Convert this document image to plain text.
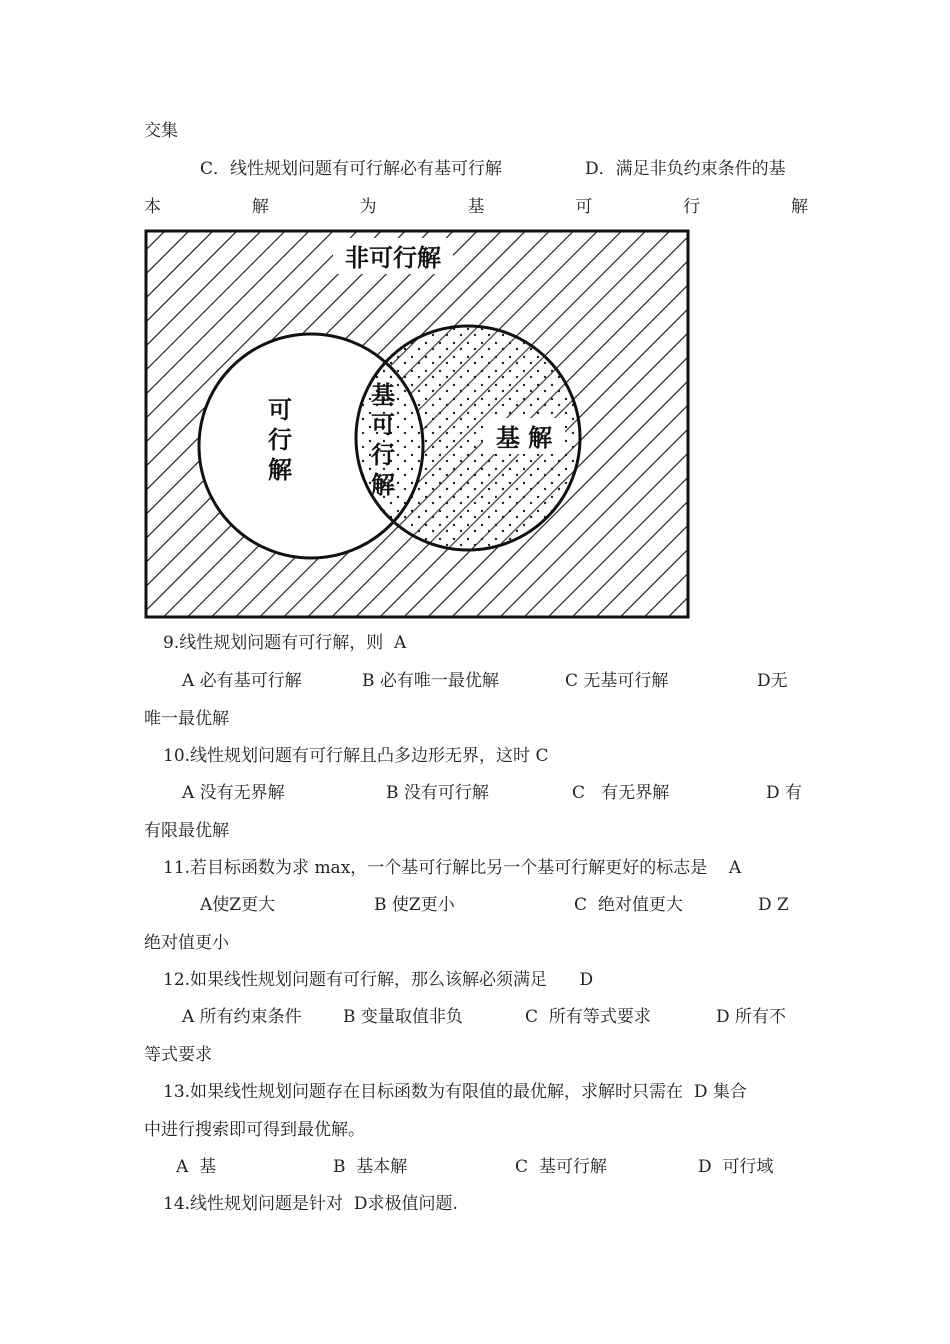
交集
C．线性规划问题有可行解必有基可行解	D．满足非负约束条件的基
本	解	为	基	可	行	解
非可行解
可
行
解
基
可
行
解
基 解
9.线性规划问题有可行解，则  A
A 必有基可行解	B 必有唯一最优解	C 无基可行解	D无
唯一最优解
10.线性规划问题有可行解且凸多边形无界，这时 C
A 没有无界解	B 没有可行解	C   有无界解	D 有
有限最优解
11.若目标函数为求 max，一个基可行解比另一个基可行解更好的标志是    A
A使Z更大	B 使Z更小	C  绝对值更大	D Z
绝对值更小
12.如果线性规划问题有可行解，那么该解必须满足      D
A 所有约束条件 B 变量取值非负	C  所有等式要求	D 所有不
等式要求
13.如果线性规划问题存在目标函数为有限值的最优解，求解时只需在  D 集合
中进行搜索即可得到最优解。
A  基	B  基本解	C  基可行解	D  可行域
14.线性规划问题是针对  D求极值问题.
